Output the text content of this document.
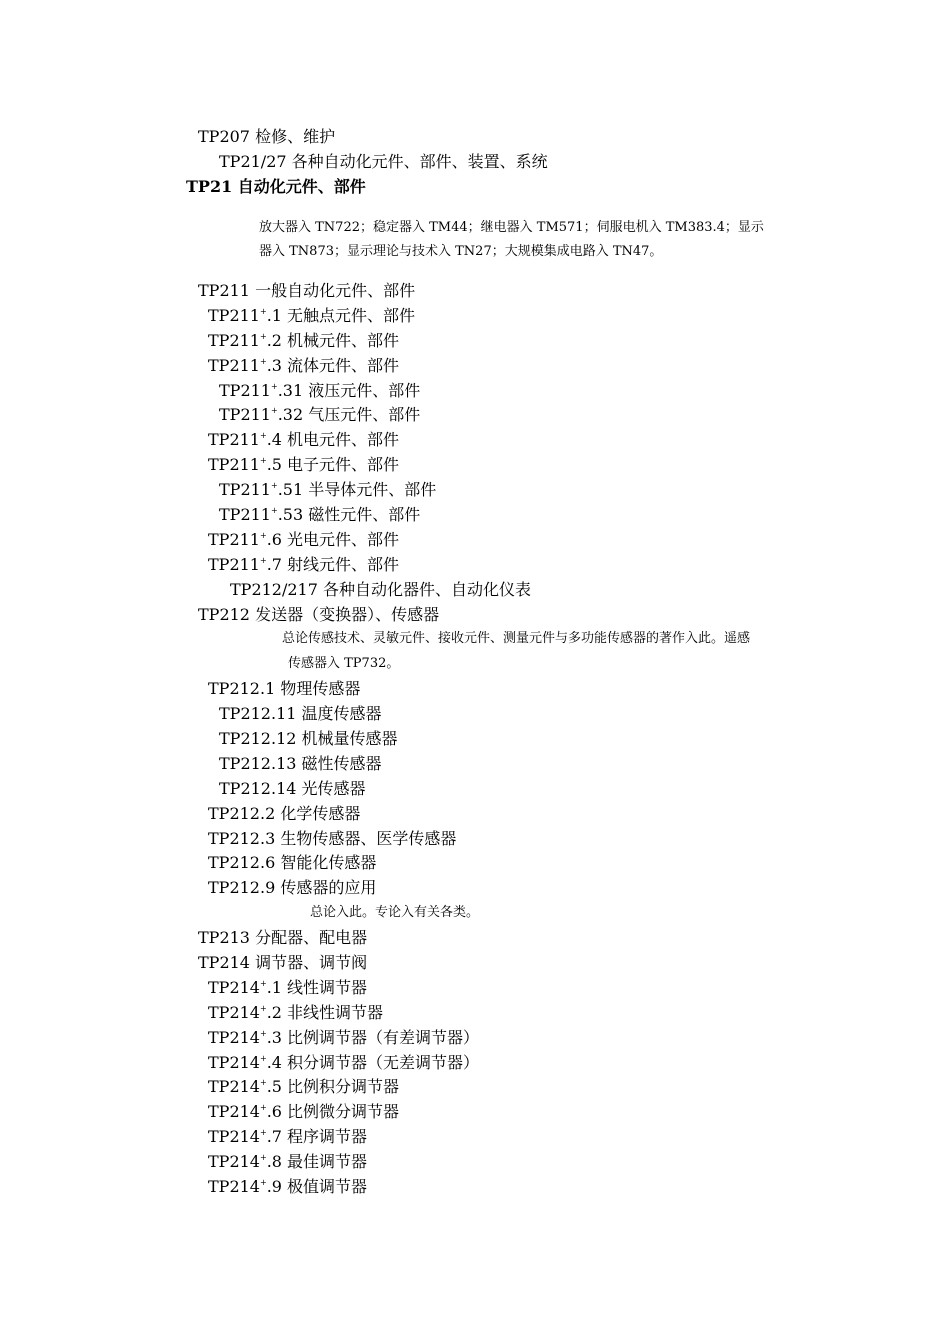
TP207 检修、维护
TP21/27 各种自动化元件、部件、装置、系统
TP21 自动化元件、部件
放大器入 TN722；稳定器入 TM44；继电器入 TM571；伺服电机入 TM383.4；显示
器入 TN873；显示理论与技术入 TN27；大规模集成电路入 TN47。
TP211 一般自动化元件、部件
TP211+.1 无触点元件、部件
TP211+.2 机械元件、部件
TP211+.3 流体元件、部件
TP211+.31 液压元件、部件
TP211+.32 气压元件、部件
TP211+.4 机电元件、部件
TP211+.5 电子元件、部件
TP211+.51 半导体元件、部件
TP211+.53 磁性元件、部件
TP211+.6 光电元件、部件
TP211+.7 射线元件、部件
TP212/217 各种自动化器件、自动化仪表
TP212 发送器（变换器）、传感器
总论传感技术、灵敏元件、接收元件、测量元件与多功能传感器的著作入此。遥感
传感器入 TP732。
TP212.1 物理传感器
TP212.11 温度传感器
TP212.12 机械量传感器
TP212.13 磁性传感器
TP212.14 光传感器
TP212.2 化学传感器
TP212.3 生物传感器、医学传感器
TP212.6 智能化传感器
TP212.9 传感器的应用
总论入此。专论入有关各类。
TP213 分配器、配电器
TP214 调节器、调节阀
TP214+.1 线性调节器
TP214+.2 非线性调节器
TP214+.3 比例调节器（有差调节器）
TP214+.4 积分调节器（无差调节器）
TP214+.5 比例积分调节器
TP214+.6 比例微分调节器
TP214+.7 程序调节器
TP214+.8 最佳调节器
TP214+.9 极值调节器
